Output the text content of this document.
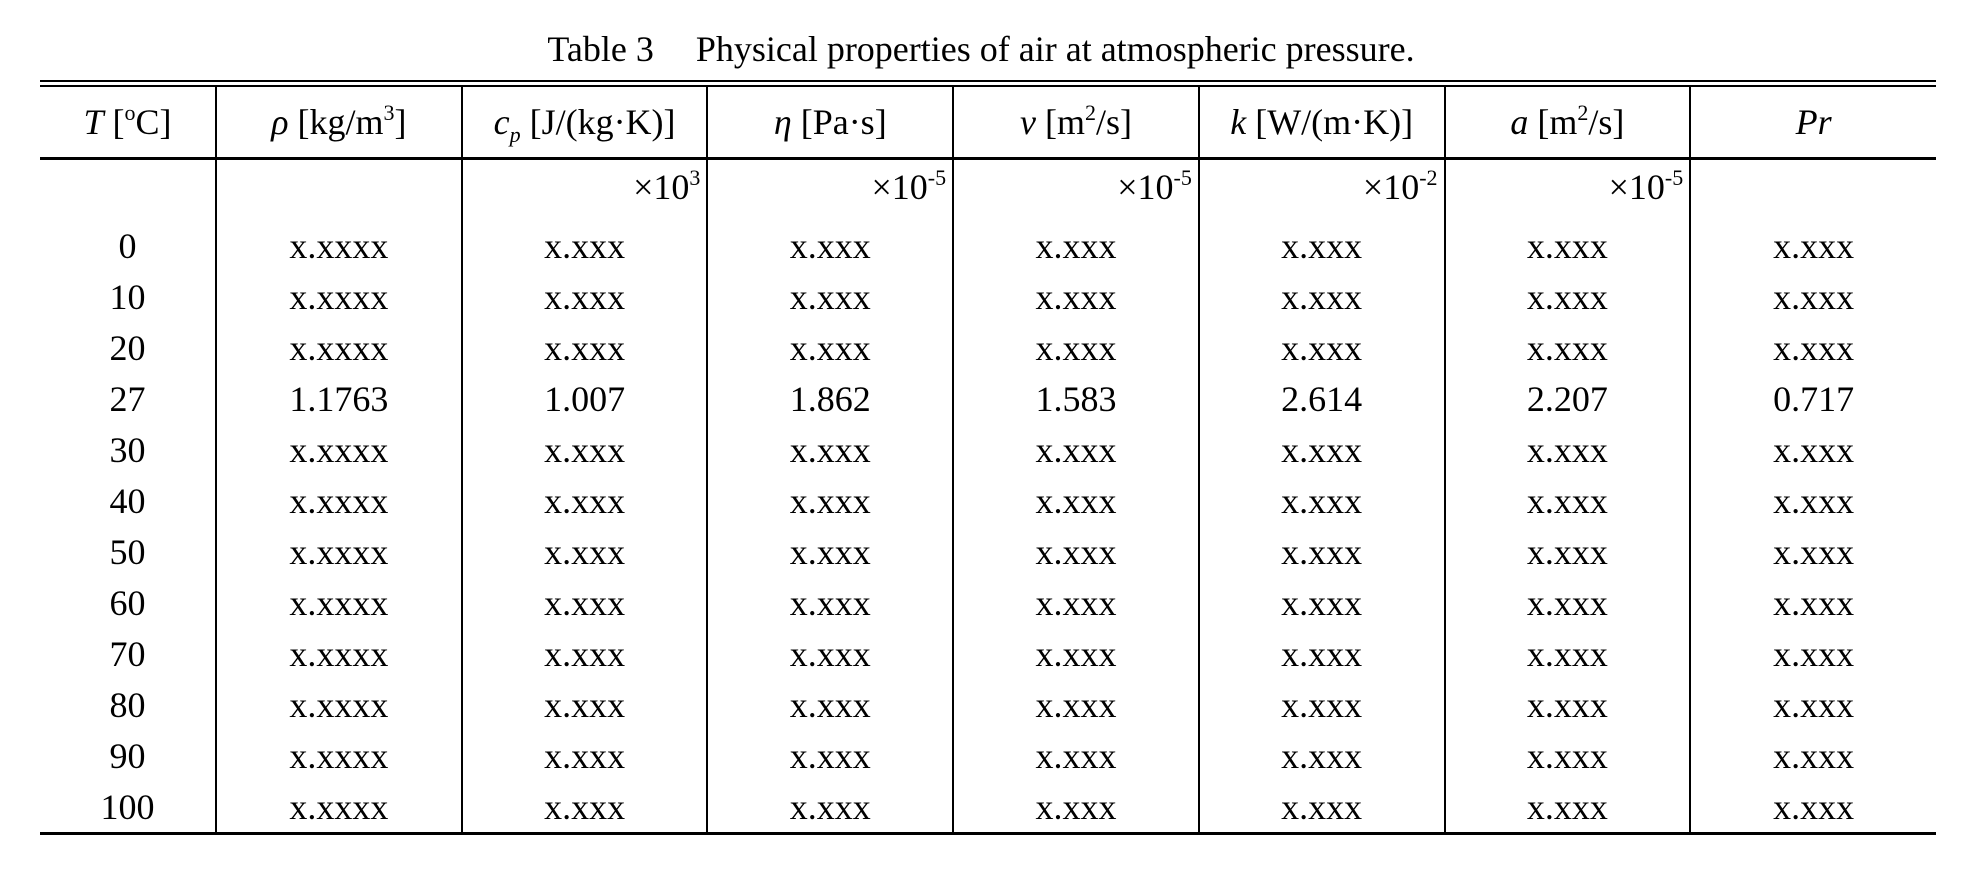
Table 3 Physical properties of air at atmospheric pressure.
T [$^o$C]	ρ $[kg/m^3]$	$c_p$ [J/(kg·K)]	η [Pa·s]	ν $[m^2/s]$	k [W/(m·K)]	a $[m^2/s]$	Pr
		$\times 10^3$	$\times 10^{-5}$	$\times 10^{-5}$	$\times 10^{-2}$	$\times 10^{-5}$	
0	x.xxxx	x.xxx	x.xxx	x.xxx	x.xxx	x.xxx	x.xxx
10	x.xxxx	x.xxx	x.xxx	x.xxx	x.xxx	x.xxx	x.xxx
20	x.xxxx	x.xxx	x.xxx	x.xxx	x.xxx	x.xxx	x.xxx
27	1.1763	1.007	1.862	1.583	2.614	2.207	0.717
30	x.xxxx	x.xxx	x.xxx	x.xxx	x.xxx	x.xxx	x.xxx
40	x.xxxx	x.xxx	x.xxx	x.xxx	x.xxx	x.xxx	x.xxx
50	x.xxxx	x.xxx	x.xxx	x.xxx	x.xxx	x.xxx	x.xxx
60	x.xxxx	x.xxx	x.xxx	x.xxx	x.xxx	x.xxx	x.xxx
70	x.xxxx	x.xxx	x.xxx	x.xxx	x.xxx	x.xxx	x.xxx
80	x.xxxx	x.xxx	x.xxx	x.xxx	x.xxx	x.xxx	x.xxx
90	x.xxxx	x.xxx	x.xxx	x.xxx	x.xxx	x.xxx	x.xxx
100	x.xxxx	x.xxx	x.xxx	x.xxx	x.xxx	x.xxx	x.xxx
